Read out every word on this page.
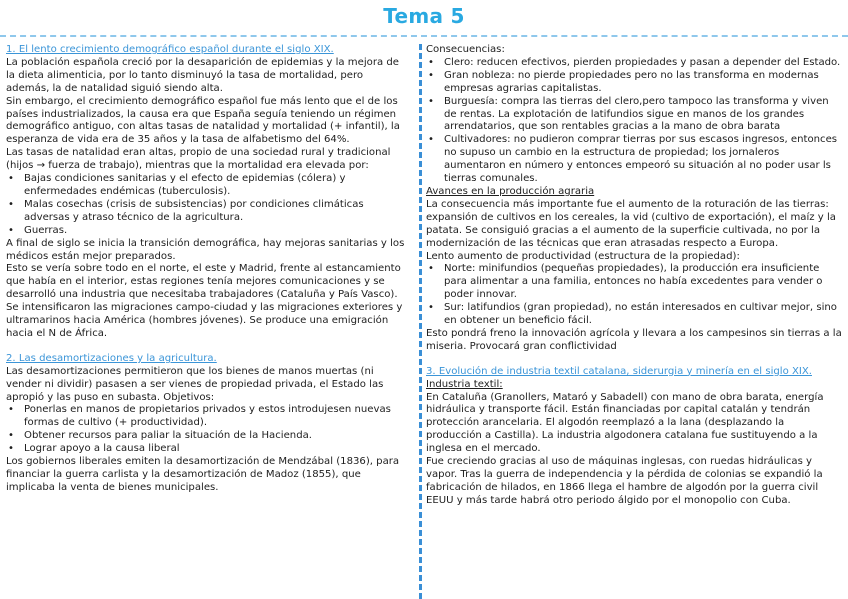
Tema 5

1. El lento crecimiento demográfico español durante el siglo XIX.

La población española creció por la desaparición de epidemias y la mejora de la dieta alimenticia, por lo tanto disminuyó la tasa de mortalidad, pero además, la de natalidad siguió siendo alta.

Sin embargo, el crecimiento demográfico español fue más lento que el de los países industrializados, la causa era que España seguía teniendo un régimen demográfico antiguo, con altas tasas de natalidad y mortalidad (+ infantil), la esperanza de vida era de 35 años y la tasa de alfabetismo del 64%.

Las tasas de natalidad eran altas, propio de una sociedad rural y tradicional (hijos → fuerza de trabajo), mientras que la mortalidad era elevada por:

• Bajas condiciones sanitarias y el efecto de epidemias (cólera) y enfermedades endémicas (tuberculosis).
• Malas cosechas (crisis de subsistencias) por condiciones climáticas adversas y atraso técnico de la agricultura.
• Guerras.

A final de siglo se inicia la transición demográfica, hay mejoras sanitarias y los médicos están mejor preparados.

Esto se vería sobre todo en el norte, el este y Madrid, frente al estancamiento que había en el interior, estas regiones tenía mejores comunicaciones y se desarrolló una industria que necesitaba trabajadores (Cataluña y País Vasco).

Se intensificaron las migraciones campo-ciudad y las migraciones exteriores y ultramarinos hacia América (hombres jóvenes). Se produce una emigración hacia el N de África.

2. Las desamortizaciones y la agricultura.

Las desamortizaciones permitieron que los bienes de manos muertas (ni vender ni dividir) pasasen a ser vienes de propiedad privada, el Estado las apropió y las puso en subasta. Objetivos:

• Ponerlas en manos de propietarios privados y estos introdujesen nuevas formas de cultivo (+ productividad).
• Obtener recursos para paliar la situación de la Hacienda.
• Lograr apoyo a la causa liberal

Los gobiernos liberales emiten la desamortización de Mendzábal (1836), para financiar la guerra carlista y la desamortización de Madoz (1855), que implicaba la venta de bienes municipales.

Consecuencias:

• Clero: reducen efectivos, pierden propiedades y pasan a depender del Estado.
• Gran nobleza: no pierde propiedades pero no las transforma en modernas empresas agrarias capitalistas.
• Burguesía: compra las tierras del clero,pero tampoco las transforma y viven de rentas. La explotación de latifundios sigue en manos de los grandes arrendatarios, que son rentables gracias a la mano de obra barata
• Cultivadores: no pudieron comprar tierras por sus escasos ingresos, entonces no supuso un cambio en la estructura de propiedad; los jornaleros aumentaron en número y entonces empeoró su situación al no poder usar ls tierras comunales.

Avances en la producción agraria

La consecuencia más importante fue el aumento de la roturación de las tierras: expansión de cultivos en los cereales, la vid (cultivo de exportación), el maíz y la patata. Se consiguió gracias a el aumento de la superficie cultivada, no por la modernización de las técnicas que eran atrasadas respecto a Europa.

Lento aumento de productividad (estructura de la propiedad):

• Norte: minifundios (pequeñas propiedades), la producción era insuficiente para alimentar a una familia, entonces no había excedentes para vender o poder innovar.
• Sur: latifundios (gran propiedad), no están interesados en cultivar mejor, sino en obtener un beneficio fácil.

Esto pondrá freno la innovación agrícola y llevara a los campesinos sin tierras a la miseria. Provocará gran conflictividad

3. Evolución de industria textil catalana, siderurgia y minería en el siglo XIX.

Industria textil:

En Cataluña (Granollers, Mataró y Sabadell) con mano de obra barata, energía hidráulica y transporte fácil. Están financiadas por capital catalán y tendrán protección arancelaria. El algodón reemplazó a la lana (desplazando la producción a Castilla). La industria algodonera catalana fue sustituyendo a la inglesa en el mercado.

Fue creciendo gracias al uso de máquinas inglesas, con ruedas hidráulicas y vapor. Tras la guerra de independencia y la pérdida de colonias se expandió la fabricación de hilados, en 1866 llega el hambre de algodón por la guerra civil EEUU y más tarde habrá otro periodo álgido por el monopolio con Cuba.
